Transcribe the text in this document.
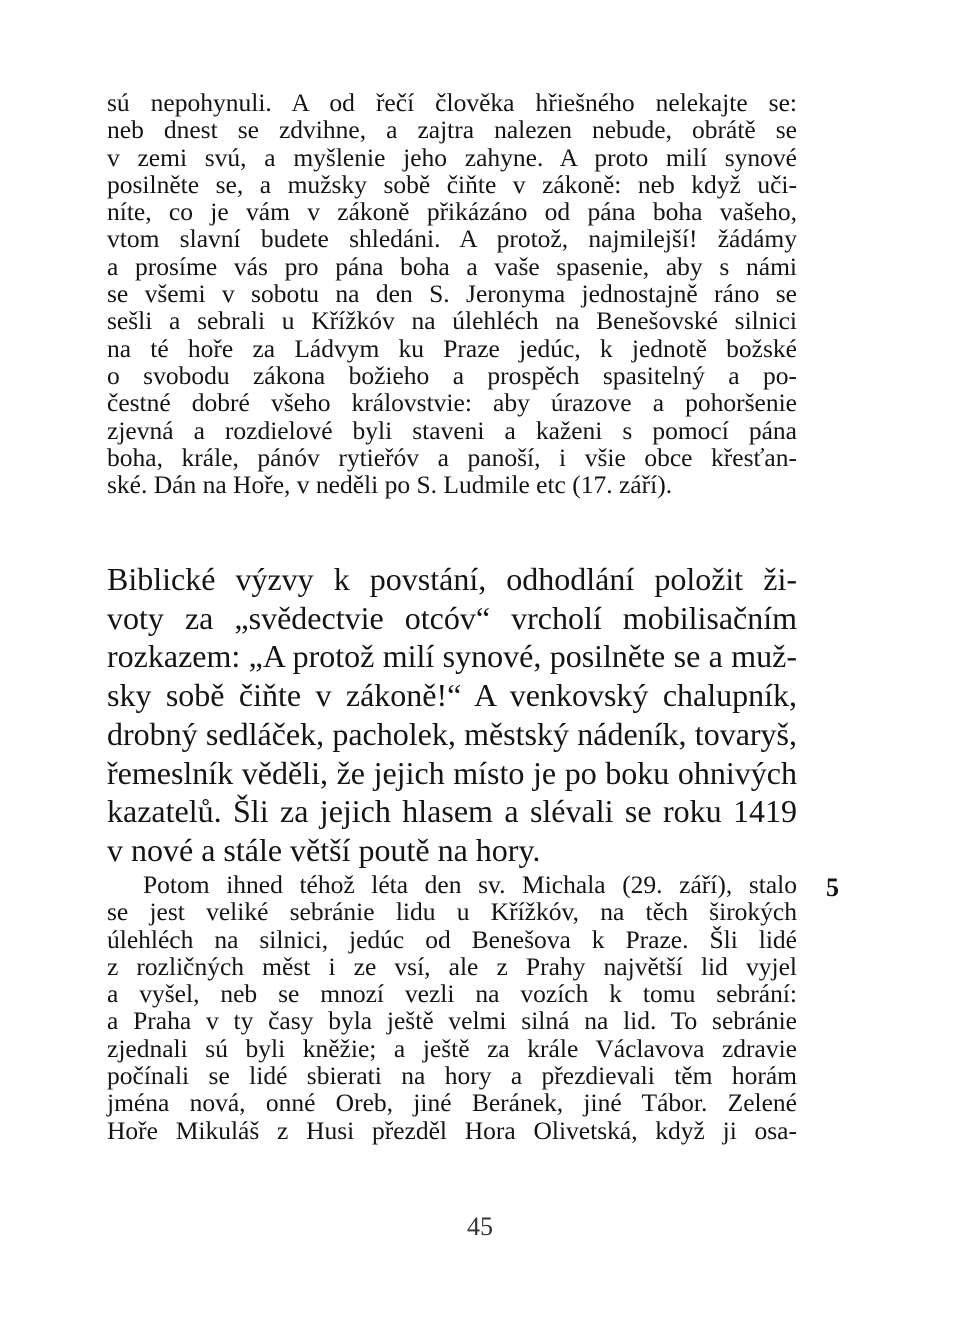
sú nepohynuli. A od řečí člověka hřiešného nelekajte se:
neb dnest se zdvihne, a zajtra nalezen nebude, obrátě se
v zemi svú, a myšlenie jeho zahyne. A proto milí synové
posilněte se, a mužsky sobě čiňte v zákoně: neb když uči-
níte, co je vám v zákoně přikázáno od pána boha vašeho,
vtom slavní budete shledáni. A protož, najmilejší! žádámy
a prosíme vás pro pána boha a vaše spasenie, aby s námi
se všemi v sobotu na den S. Jeronyma jednostajně ráno se
sešli a sebrali u Křížkóv na úlehléch na Benešovské silnici
na té hoře za Ládvym ku Praze jedúc, k jednotě božské
o svobodu zákona božieho a prospěch spasitelný a po-
čestné dobré všeho královstvie: aby úrazove a pohoršenie
zjevná a rozdielové byli staveni a kaženi s pomocí pána
boha, krále, pánóv rytieřóv a panoší, i všie obce křesťan-
ské. Dán na Hoře, v neděli po S. Ludmile etc (17. září).
Biblické výzvy k povstání, odhodlání položit ži-
voty za „svědectvie otcóv“ vrcholí mobilisačním
rozkazem: „A protož milí synové, posilněte se a muž-
sky sobě čiňte v zákoně!“ A venkovský chalupník,
drobný sedláček, pacholek, městský nádeník, tovaryš,
řemeslník věděli, že jejich místo je po boku ohnivých
kazatelů. Šli za jejich hlasem a slévali se roku 1419
v nové a stále větší poutě na hory.
5
Potom ihned téhož léta den sv. Michala (29. září), stalo
se jest veliké sebránie lidu u Křížkóv, na těch širokých
úlehléch na silnici, jedúc od Benešova k Praze. Šli lidé
z rozličných měst i ze vsí, ale z Prahy najvětší lid vyjel
a vyšel, neb se mnozí vezli na vozích k tomu sebrání:
a Praha v ty časy byla ještě velmi silná na lid. To sebránie
zjednali sú byli kněžie; a ještě za krále Václavova zdravie
počínali se lidé sbierati na hory a přezdievali těm horám
jména nová, onné Oreb, jiné Beránek, jiné Tábor. Zelené
Hoře Mikuláš z Husi přezděl Hora Olivetská, když ji osa-
45
